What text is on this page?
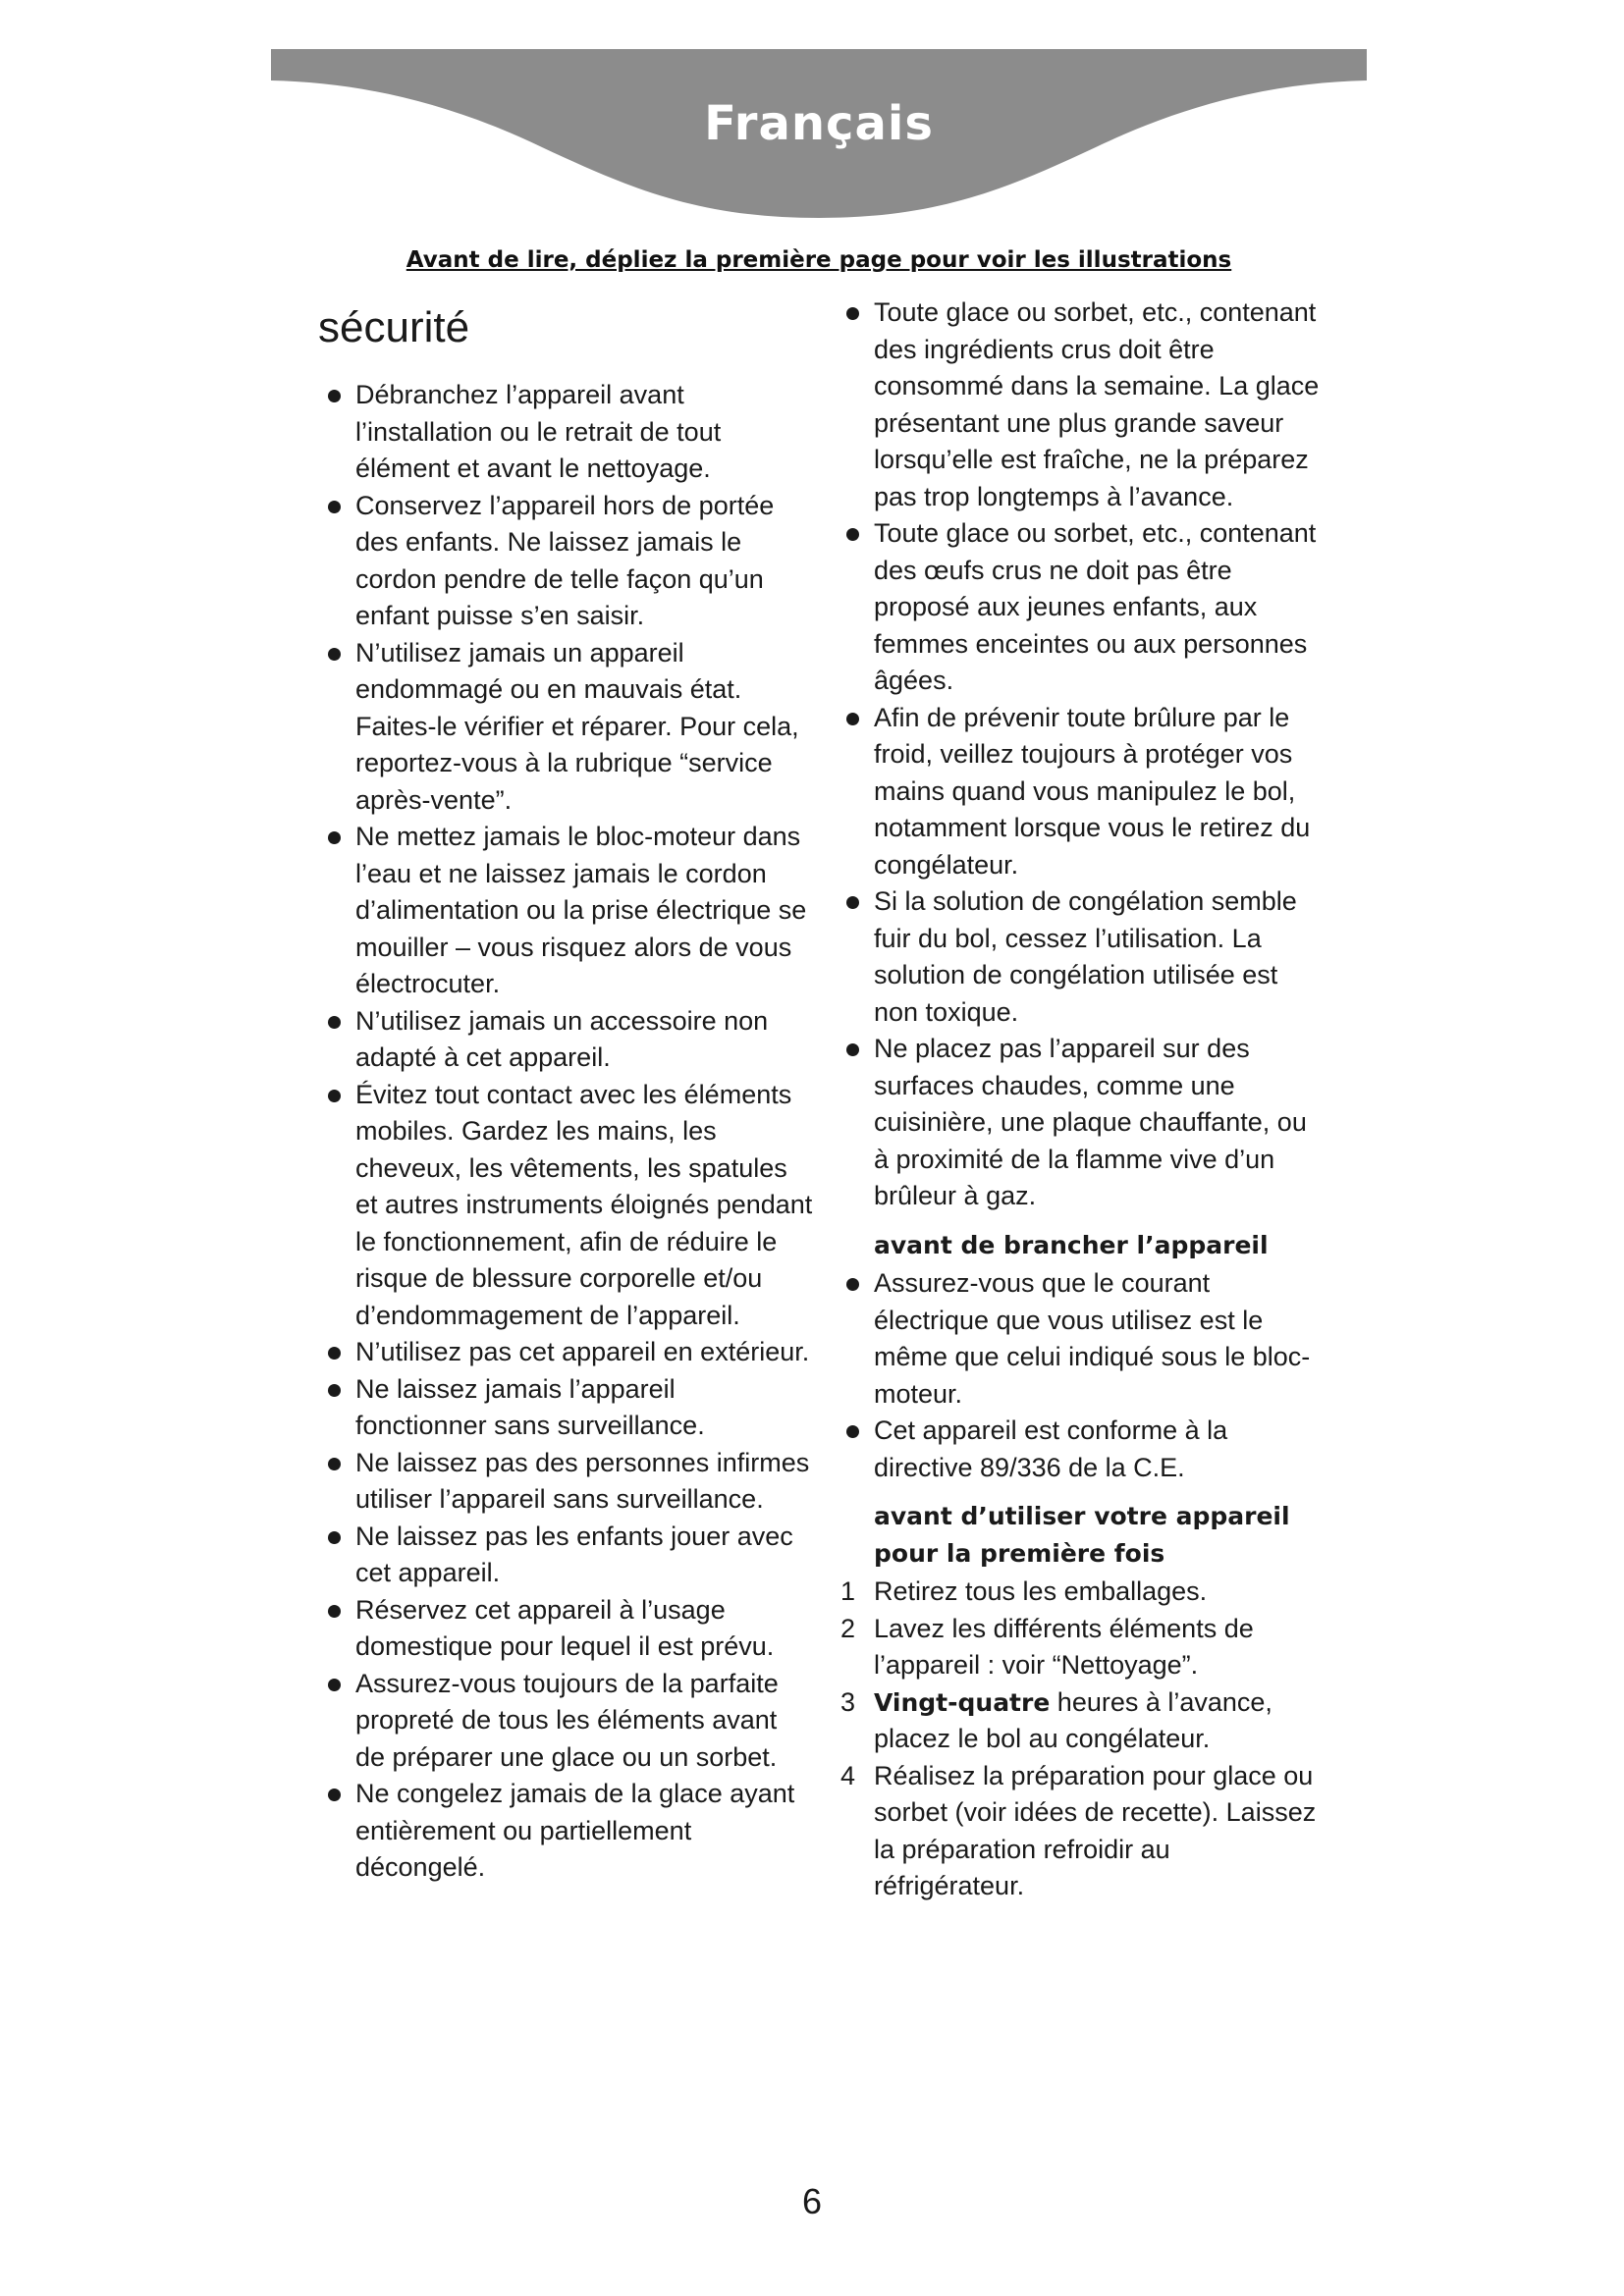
Français
Avant de lire, dépliez la première page pour voir les illustrations
sécurité
Débranchez l’appareil avant l’installation ou le retrait de tout élément et avant le nettoyage.
Conservez l’appareil hors de portée des enfants. Ne laissez jamais le cordon pendre de telle façon qu’un enfant puisse s’en saisir.
N’utilisez jamais un appareil endommagé ou en mauvais état. Faites-le vérifier et réparer. Pour cela, reportez-vous à la rubrique “service après-vente”.
Ne mettez jamais le bloc-moteur dans l’eau et ne laissez jamais le cordon d’alimentation ou la prise électrique se mouiller – vous risquez alors de vous électrocuter.
N’utilisez jamais un accessoire non adapté à cet appareil.
Évitez tout contact avec les éléments mobiles. Gardez les mains, les cheveux, les vêtements, les spatules et autres instruments éloignés pendant le fonctionnement, afin de réduire le risque de blessure corporelle et/ou d’endommagement de l’appareil.
N’utilisez pas cet appareil en extérieur.
Ne laissez jamais l’appareil fonctionner sans surveillance.
Ne laissez pas des personnes infirmes utiliser l’appareil sans surveillance.
Ne laissez pas les enfants jouer avec cet appareil.
Réservez cet appareil à l’usage domestique pour lequel il est prévu.
Assurez-vous toujours de la parfaite propreté de tous les éléments avant de préparer une glace ou un sorbet.
Ne congelez jamais de la glace ayant entièrement ou partiellement décongelé.
Toute glace ou sorbet, etc., contenant des ingrédients crus doit être consommé dans la semaine. La glace présentant une plus grande saveur lorsqu’elle est fraîche, ne la préparez pas trop longtemps à l’avance.
Toute glace ou sorbet, etc., contenant des œufs crus ne doit pas être proposé aux jeunes enfants, aux femmes enceintes ou aux personnes âgées.
Afin de prévenir toute brûlure par le froid, veillez toujours à protéger vos mains quand vous manipulez le bol, notamment lorsque vous le retirez du congélateur.
Si la solution de congélation semble fuir du bol, cessez l’utilisation. La solution de congélation utilisée est non toxique.
Ne placez pas l’appareil sur des surfaces chaudes, comme une cuisinière, une plaque chauffante, ou à proximité de la flamme vive d’un brûleur à gaz.
avant de brancher l’appareil
Assurez-vous que le courant électrique que vous utilisez est le même que celui indiqué sous le bloc-moteur.
Cet appareil est conforme à la directive 89/336 de la C.E.
avant d’utiliser votre appareil pour la première fois
1 Retirez tous les emballages.
2 Lavez les différents éléments de l’appareil : voir “Nettoyage”.
3 Vingt-quatre heures à l’avance, placez le bol au congélateur.
4 Réalisez la préparation pour glace ou sorbet (voir idées de recette). Laissez la préparation refroidir au réfrigérateur.
6
